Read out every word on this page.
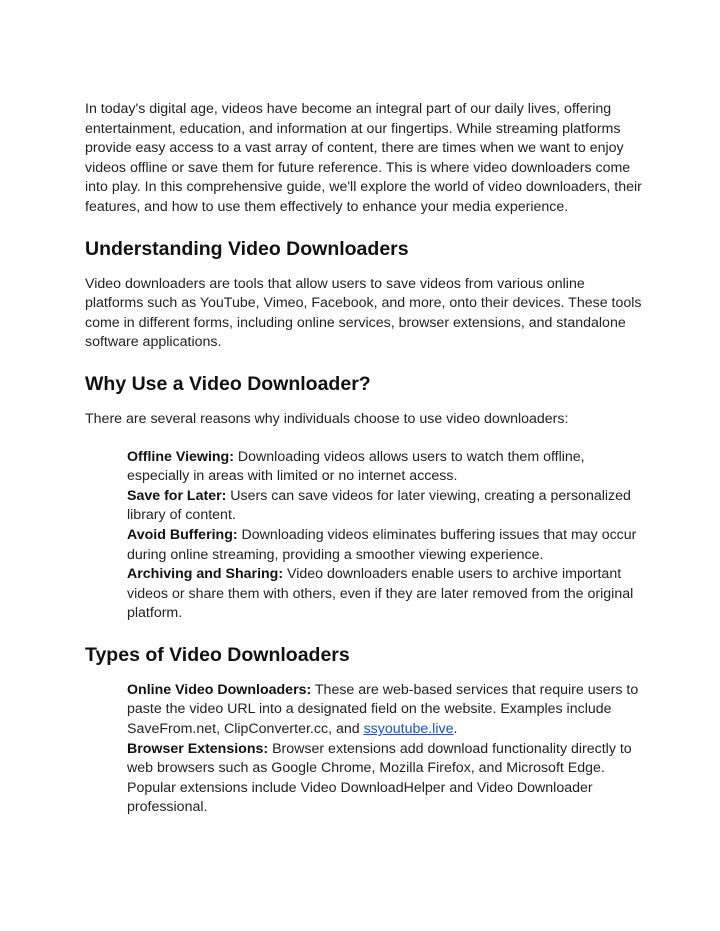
In today's digital age, videos have become an integral part of our daily lives, offering entertainment, education, and information at our fingertips. While streaming platforms provide easy access to a vast array of content, there are times when we want to enjoy videos offline or save them for future reference. This is where video downloaders come into play. In this comprehensive guide, we'll explore the world of video downloaders, their features, and how to use them effectively to enhance your media experience.

Understanding Video Downloaders

Video downloaders are tools that allow users to save videos from various online platforms such as YouTube, Vimeo, Facebook, and more, onto their devices. These tools come in different forms, including online services, browser extensions, and standalone software applications.

Why Use a Video Downloader?

There are several reasons why individuals choose to use video downloaders:

Offline Viewing: Downloading videos allows users to watch them offline, especially in areas with limited or no internet access.
Save for Later: Users can save videos for later viewing, creating a personalized library of content.
Avoid Buffering: Downloading videos eliminates buffering issues that may occur during online streaming, providing a smoother viewing experience.
Archiving and Sharing: Video downloaders enable users to archive important videos or share them with others, even if they are later removed from the original platform.
Types of Video Downloaders
Online Video Downloaders: These are web-based services that require users to paste the video URL into a designated field on the website. Examples include SaveFrom.net, ClipConverter.cc, and ssyoutube.live.
Browser Extensions: Browser extensions add download functionality directly to web browsers such as Google Chrome, Mozilla Firefox, and Microsoft Edge. Popular extensions include Video DownloadHelper and Video Downloader professional.
